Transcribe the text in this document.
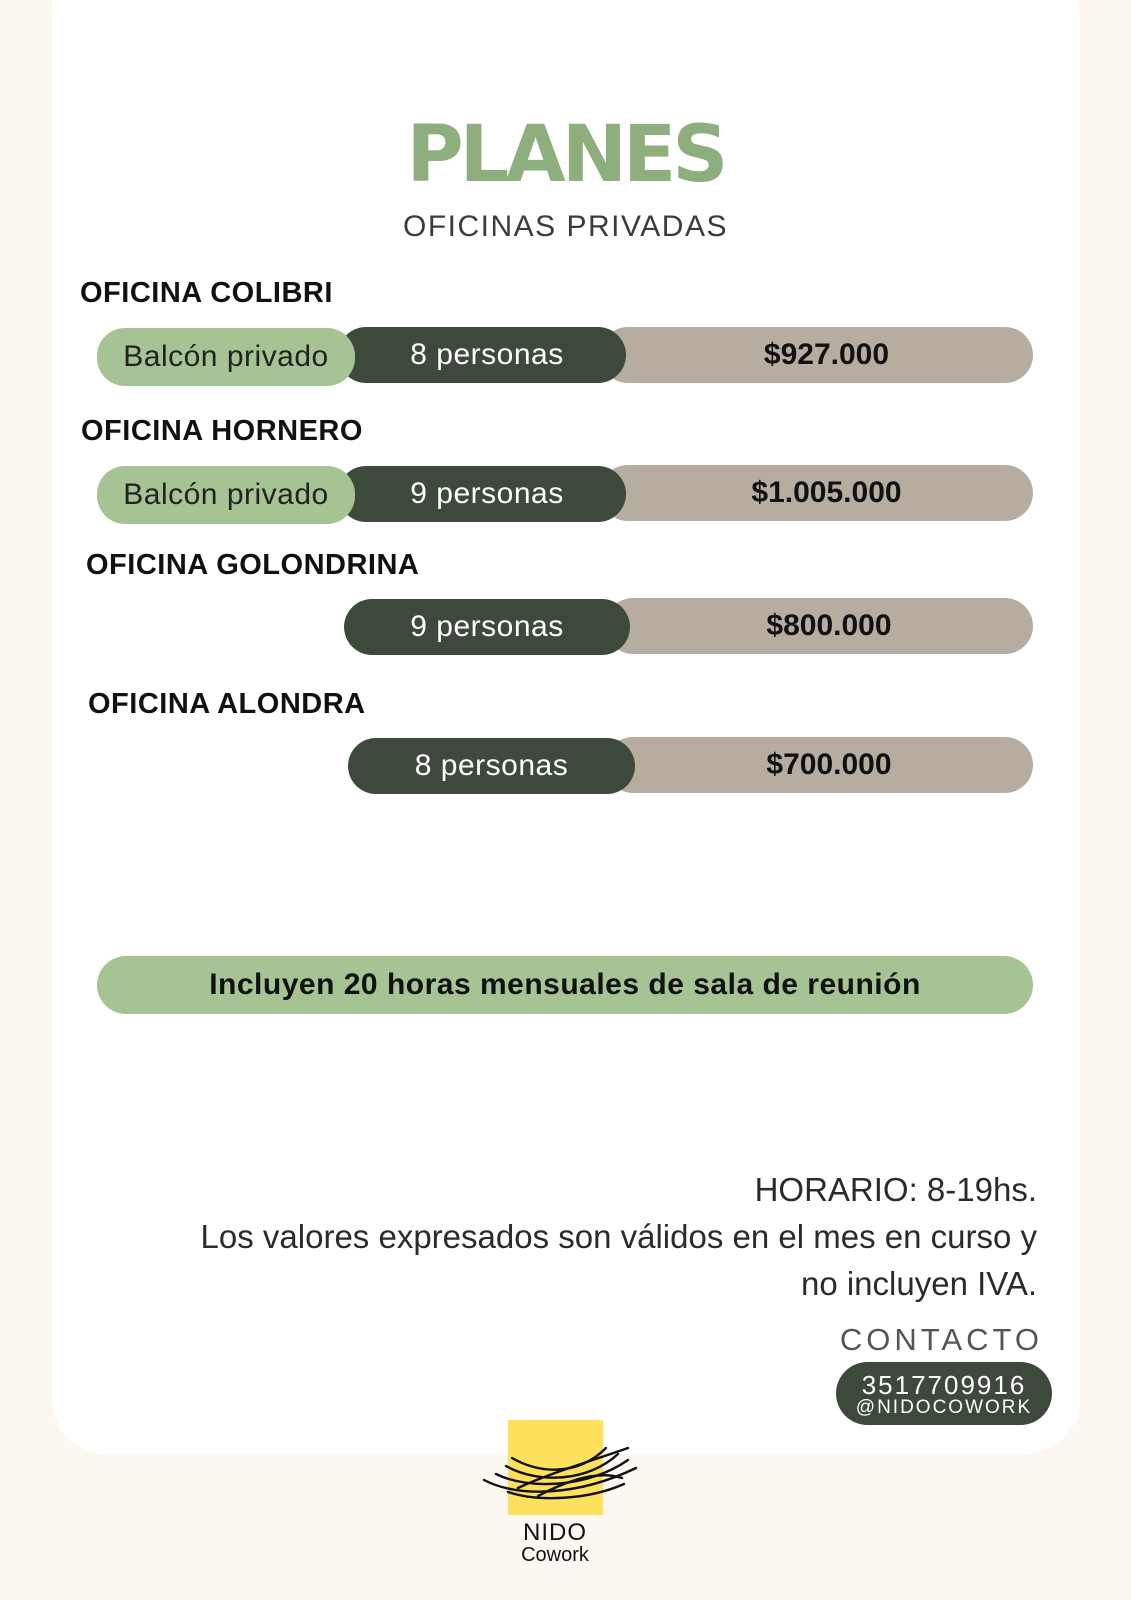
PLANES
OFICINAS PRIVADAS
OFICINA COLIBRI
$927.000
8 personas
Balcón privado
OFICINA HORNERO
$1.005.000
9 personas
Balcón privado
OFICINA GOLONDRINA
$800.000
9 personas
OFICINA ALONDRA
$700.000
8 personas
Incluyen 20 horas mensuales de sala de reunión
HORARIO: 8-19hs.
Los valores expresados son válidos en el mes en curso y
no incluyen IVA.
CONTACTO
3517709916
@NIDOCOWORK
NIDO
Cowork
